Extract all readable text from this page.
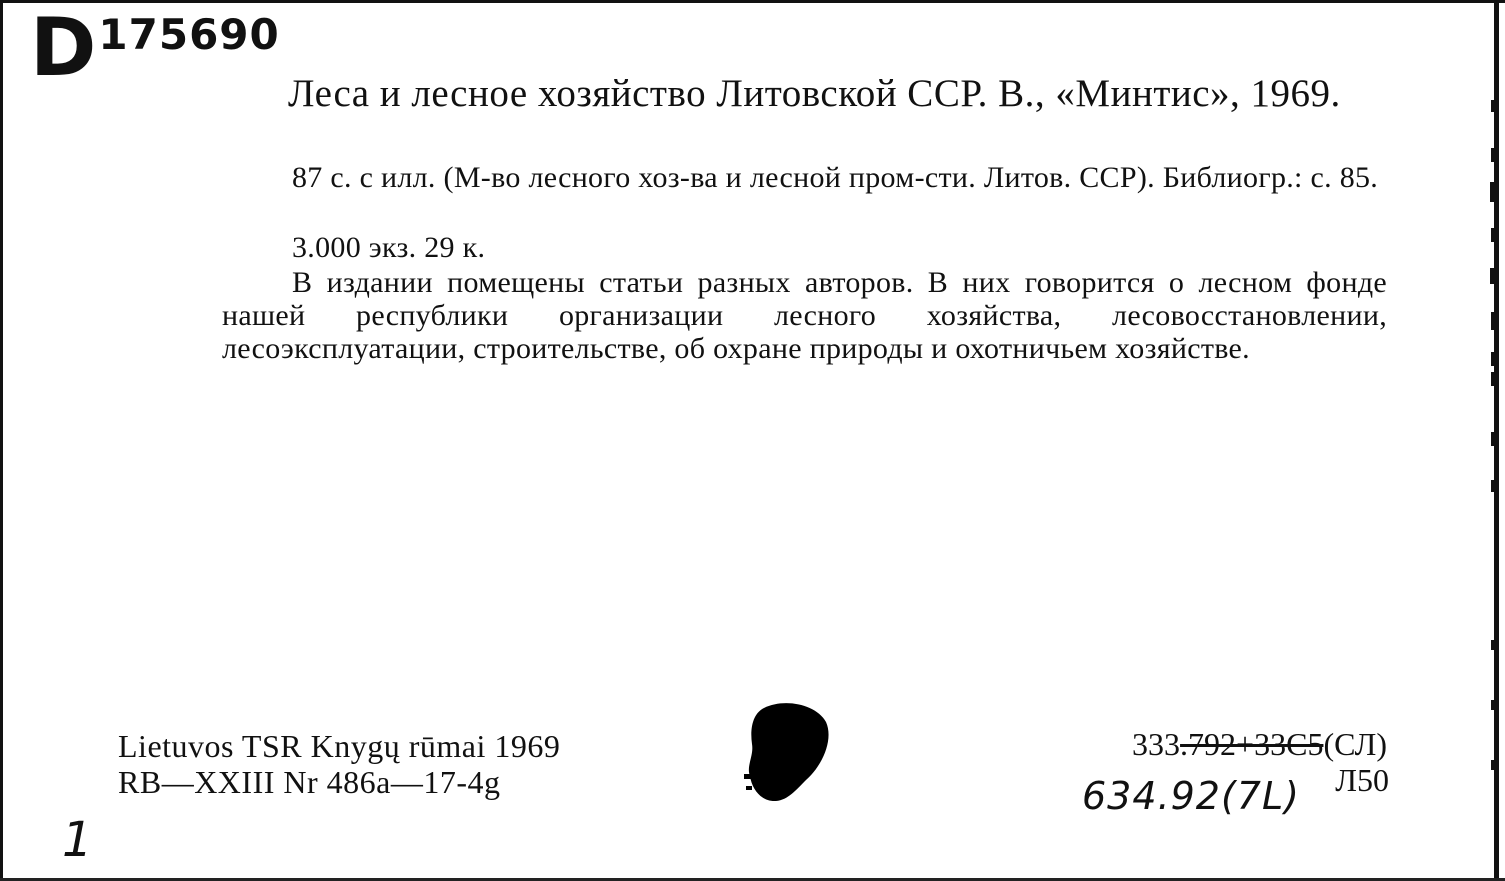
D175690
Леса и лесное хозяйство Литовской ССР. В., «Минтис», 1969.
87 с. с илл. (М-во лесного хоз-ва и лесной пром-сти. Литов. ССР). Библиогр.: с. 85.
3.000 экз. 29 к.
В издании помещены статьи разных авторов. В них говорится о лесном фонде нашей республики организации лесного хозяйства, лесовосстановлении, лесоэксплуатации, строительстве, об охране природы и охотничьем хозяйстве.
Lietuvos TSR Knygų rūmai 1969
RB—XXIII Nr 486a—17-4g
333.792+33C5(СЛ)
Л50
634.92(7L)
1
